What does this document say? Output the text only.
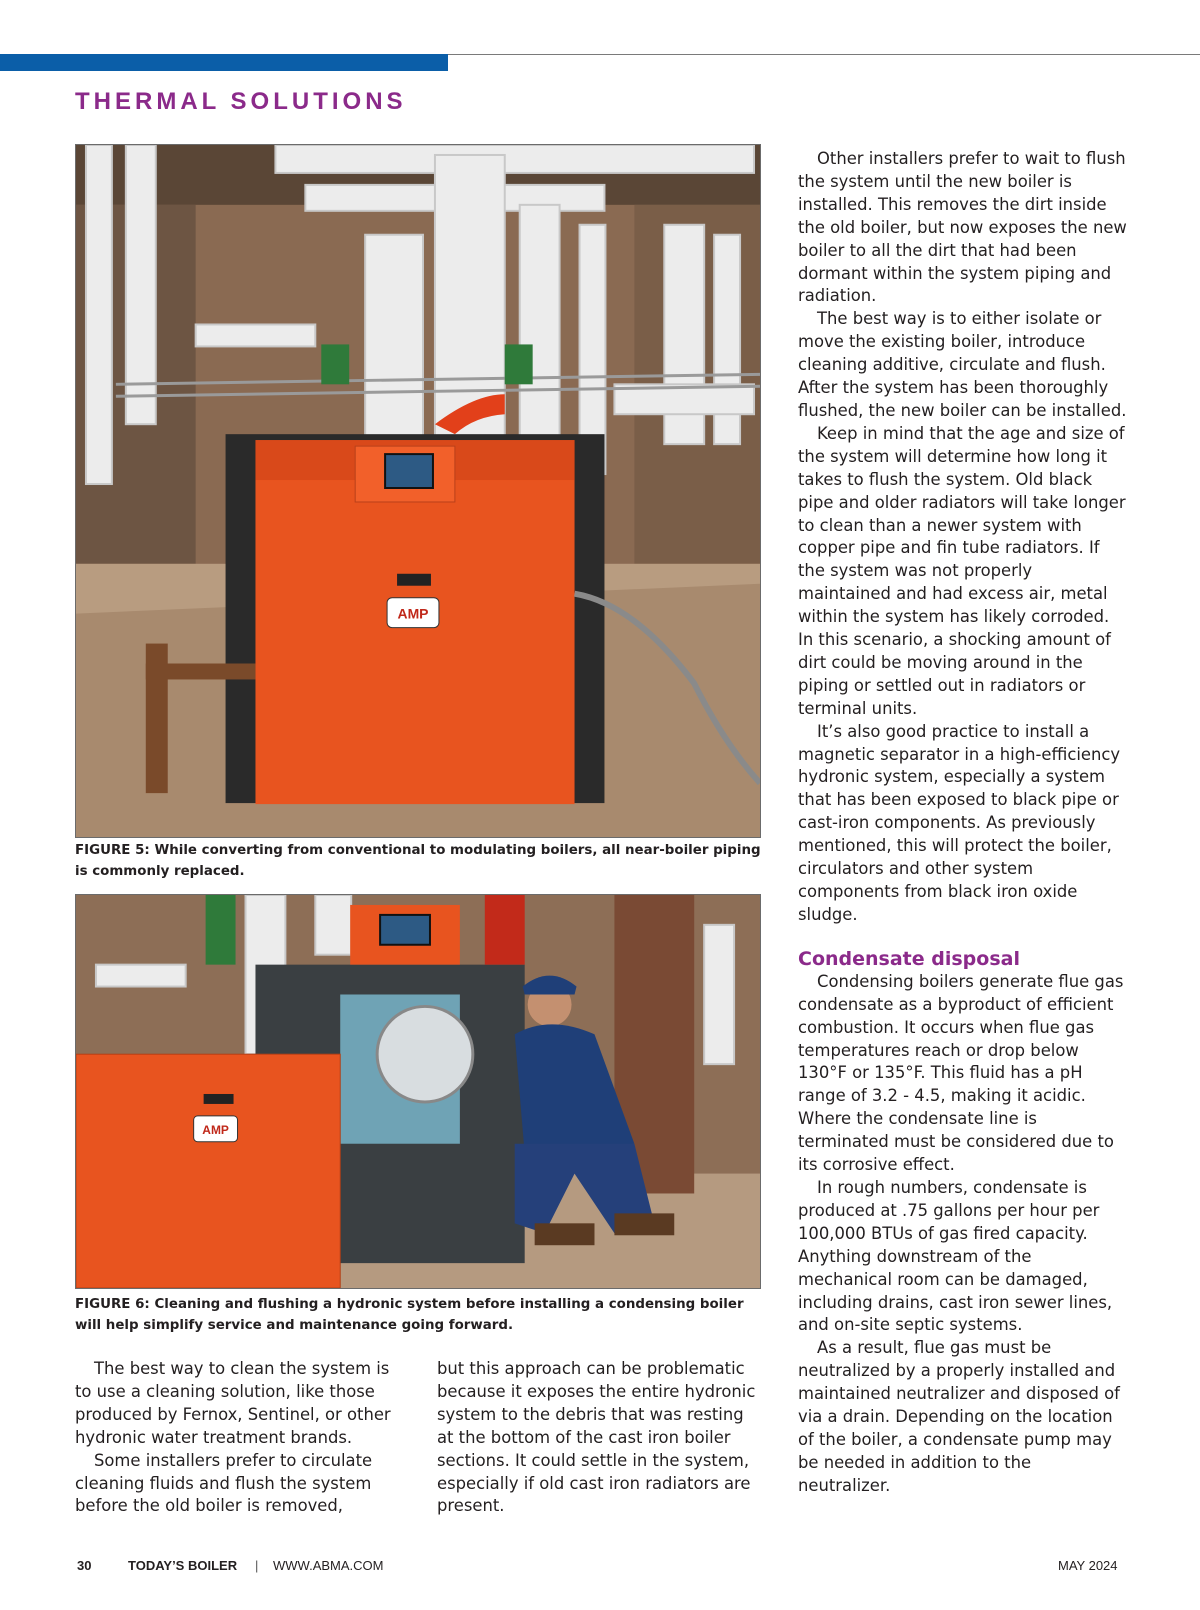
THERMAL SOLUTIONS
AMP
FIGURE 5: While converting from conventional to modulating boilers, all near-boiler piping is commonly replaced.
AMP
FIGURE 6: Cleaning and flushing a hydronic system before installing a condensing boiler will help simplify service and maintenance going forward.

The best way to clean the system is to use a cleaning solution, like those produced by Fernox, Sentinel, or other hydronic water treatment brands.

Some installers prefer to circulate cleaning fluids and flush the system before the old boiler is removed,

but this approach can be problematic because it exposes the entire hydronic system to the debris that was resting at the bottom of the cast iron boiler sections. It could settle in the system, especially if old cast iron radiators are present.

Other installers prefer to wait to flush the system until the new boiler is installed. This removes the dirt inside the old boiler, but now exposes the new boiler to all the dirt that had been dormant within the system piping and radiation.

The best way is to either isolate or move the existing boiler, introduce cleaning additive, circulate and flush. After the system has been thoroughly flushed, the new boiler can be installed.

Keep in mind that the age and size of the system will determine how long it takes to flush the system. Old black pipe and older radiators will take longer to clean than a newer system with copper pipe and fin tube radiators. If the system was not properly maintained and had excess air, metal within the system has likely corroded. In this scenario, a shocking amount of dirt could be moving around in the piping or settled out in radiators or terminal units.

It’s also good practice to install a magnetic separator in a high-efficiency hydronic system, especially a system that has been exposed to black pipe or cast-iron components. As previously mentioned, this will protect the boiler, circulators and other system components from black iron oxide sludge.

Condensate disposal

Condensing boilers generate flue gas condensate as a byproduct of efficient combustion. It occurs when flue gas temperatures reach or drop below 130°F or 135°F. This fluid has a pH range of 3.2 - 4.5, making it acidic. Where the condensate line is terminated must be considered due to its corrosive effect.

In rough numbers, condensate is produced at .75 gallons per hour per 100,000 BTUs of gas fired capacity. Anything downstream of the mechanical room can be damaged, including drains, cast iron sewer lines, and on-site septic systems.

As a result, flue gas must be neutralized by a properly installed and maintained neutralizer and disposed of via a drain. Depending on the location of the boiler, a condensate pump may be needed in addition to the neutralizer.

30	TODAY’S BOILER | WWW.ABMA.COM	MAY 2024
